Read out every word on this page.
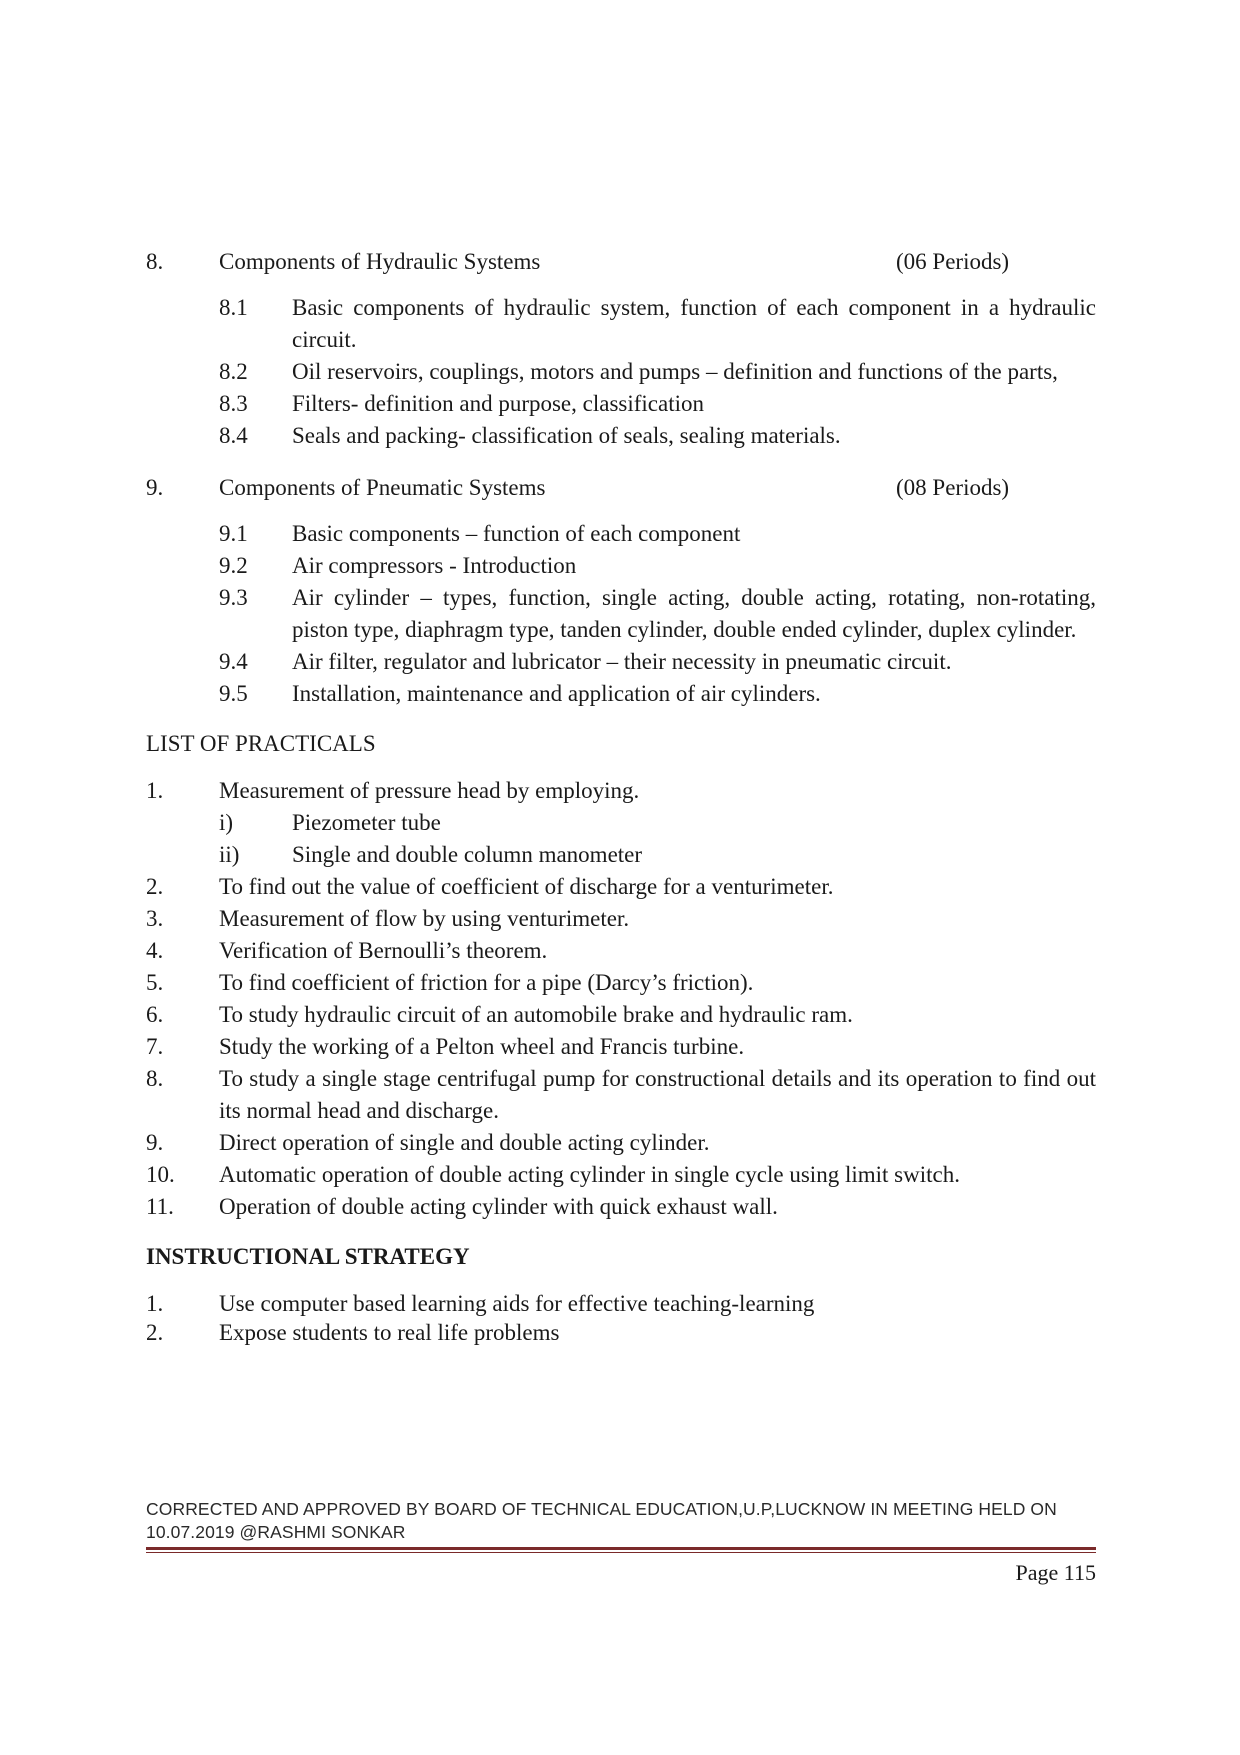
8.	Components of Hydraulic Systems	(06 Periods)
8.1	Basic components of hydraulic system, function of each component in a hydraulic circuit.
8.2	Oil reservoirs, couplings, motors and pumps – definition and functions of the parts,
8.3	Filters- definition and purpose, classification
8.4	Seals and packing- classification of seals, sealing materials.
9.	Components of Pneumatic Systems	(08 Periods)
9.1	Basic components – function of each component
9.2	Air compressors - Introduction
9.3	Air cylinder – types, function, single acting, double acting, rotating, non-rotating, piston type, diaphragm type, tanden cylinder, double ended cylinder, duplex cylinder.
9.4	Air filter, regulator and lubricator – their necessity in pneumatic circuit.
9.5	Installation, maintenance and application of air cylinders.
LIST OF PRACTICALS
1.	Measurement of pressure head by employing.
i)	Piezometer tube
ii)	Single and double column manometer
2.	To find out the value of coefficient of discharge for a venturimeter.
3.	Measurement of flow by using venturimeter.
4.	Verification of Bernoulli’s theorem.
5.	To find coefficient of friction for a pipe (Darcy’s friction).
6.	To study hydraulic circuit of an automobile brake and hydraulic ram.
7.	Study the working of a Pelton wheel and Francis turbine.
8.	To study a single stage centrifugal pump for constructional details and its operation to find out its normal head and discharge.
9.	Direct operation of single and double acting cylinder.
10.	Automatic operation of double acting cylinder in single cycle using limit switch.
11.	Operation of double acting cylinder with quick exhaust wall.
INSTRUCTIONAL STRATEGY
1.	Use computer based learning aids for effective teaching-learning
2.	Expose students to real life problems
CORRECTED AND APPROVED BY BOARD OF TECHNICAL EDUCATION,U.P,LUCKNOW IN MEETING HELD ON
10.07.2019 @RASHMI SONKAR
Page 115
